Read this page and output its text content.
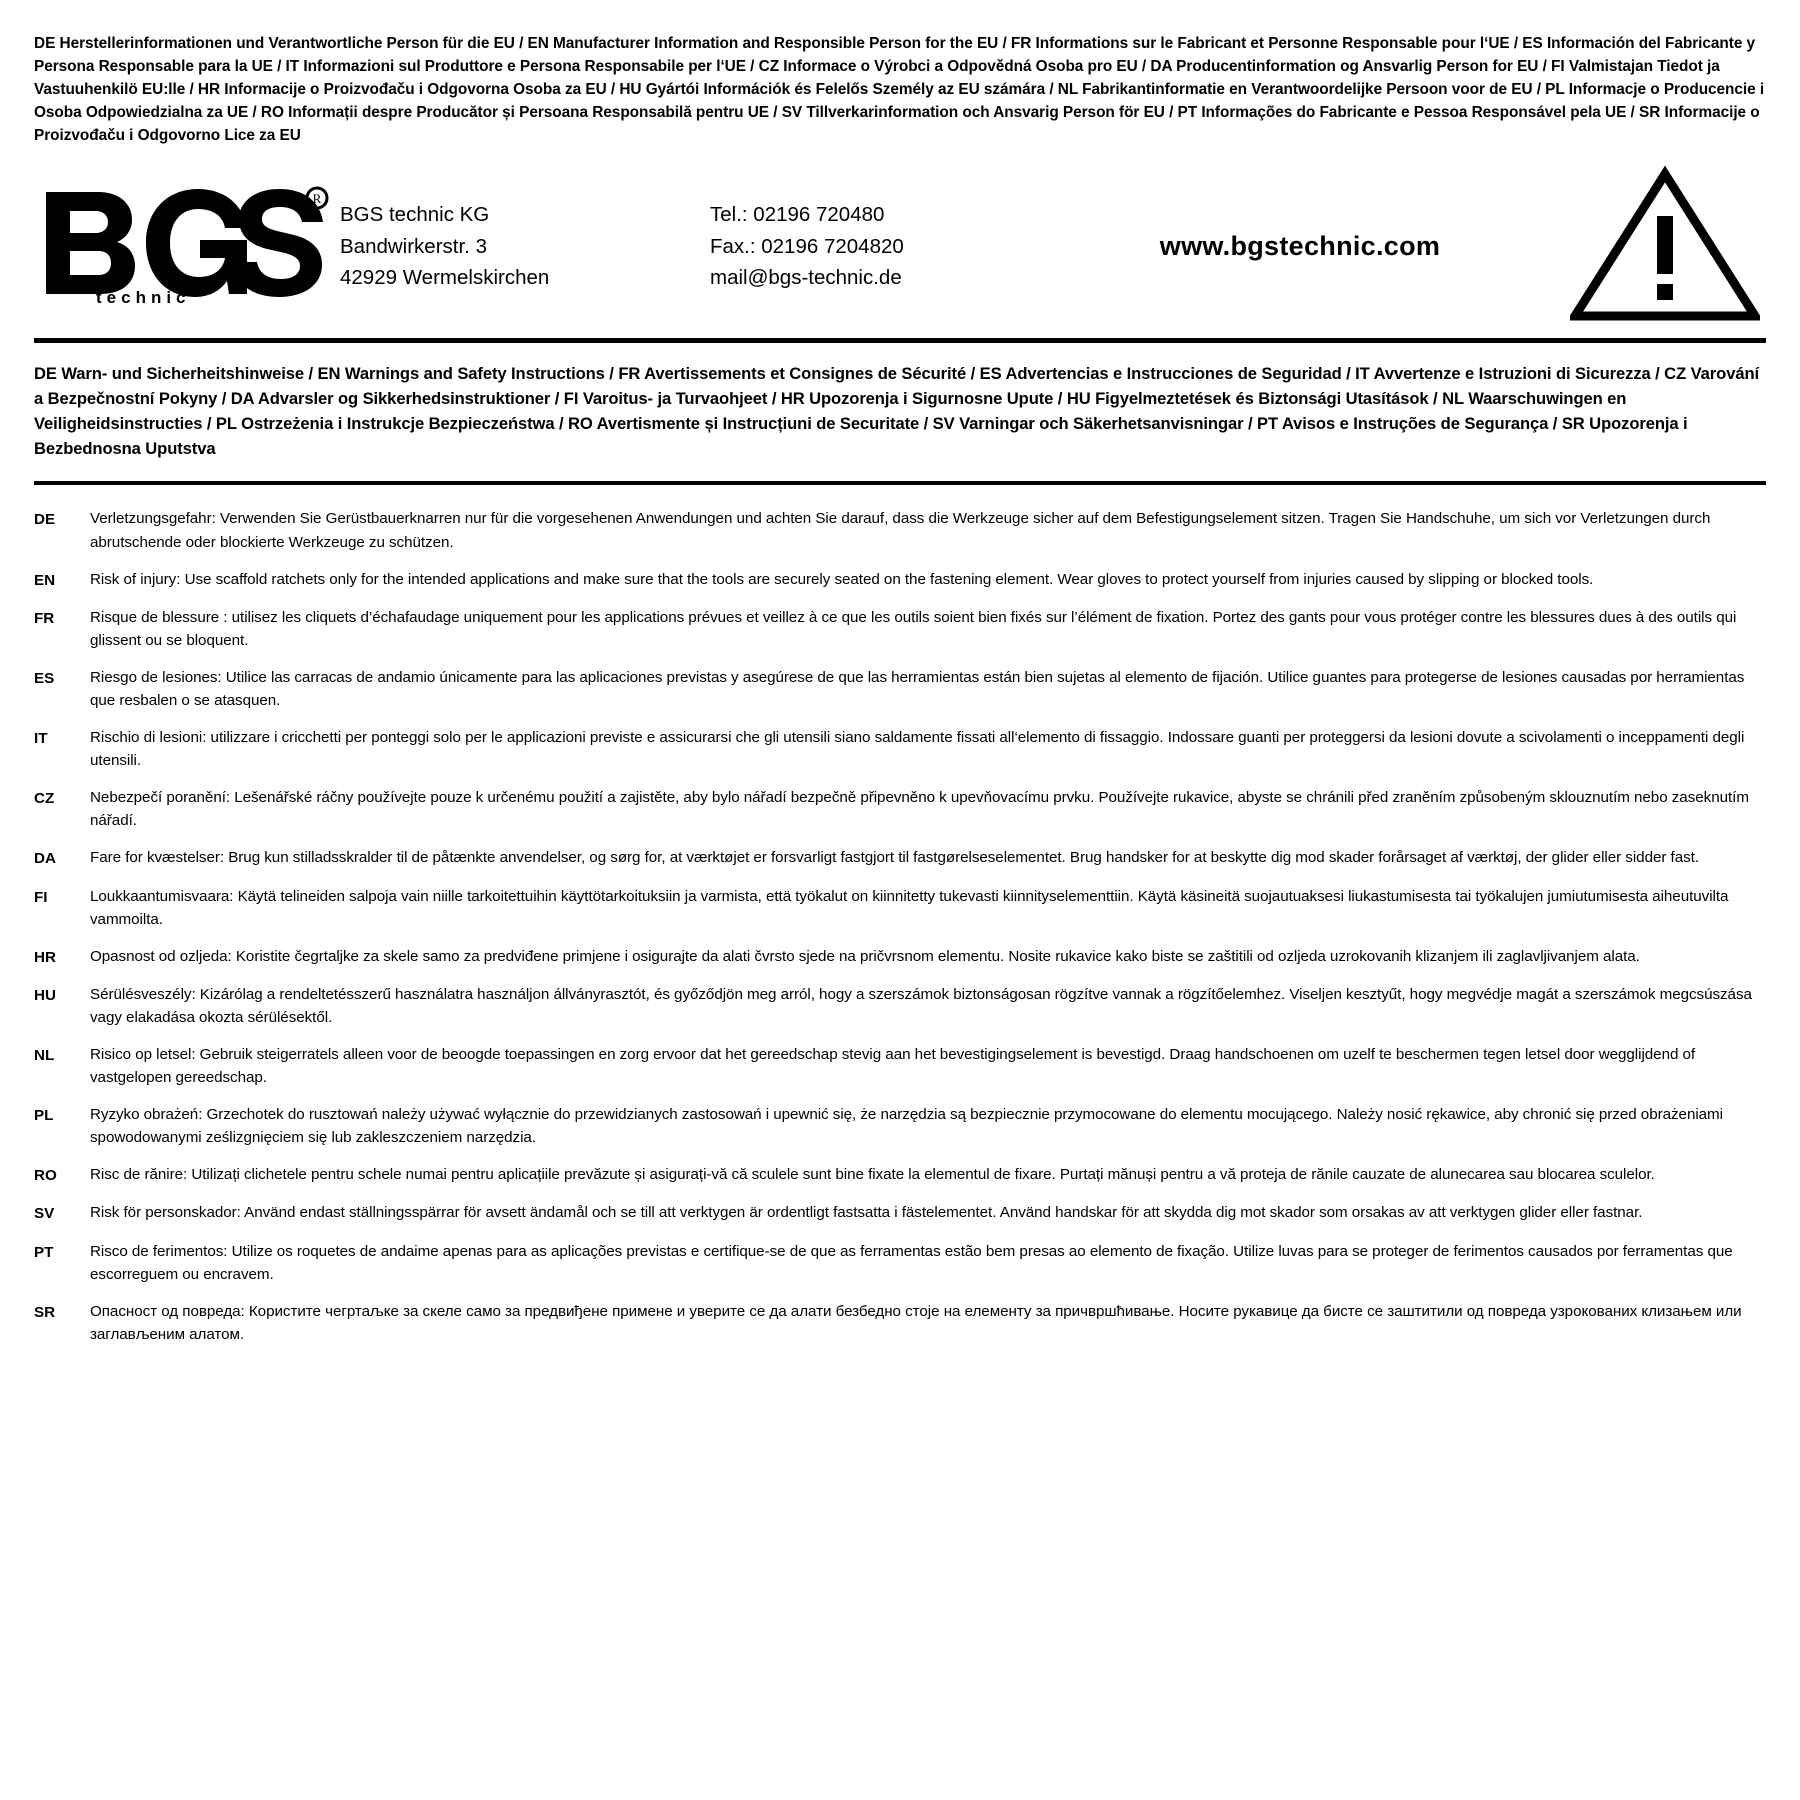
DE Herstellerinformationen und Verantwortliche Person für die EU / EN Manufacturer Information and Responsible Person for the EU / FR Informations sur le Fabricant et Personne Responsable pour l‘UE / ES Información del Fabricante y Persona Responsable para la UE / IT Informazioni sul Produttore e Persona Responsabile per l‘UE / CZ Informace o Výrobci a Odpovědná Osoba pro EU / DA Producentinformation og Ansvarlig Person for EU / FI Valmistajan Tiedot ja Vastuuhenkilö EU:lle / HR Informacije o Proizvođaču i Odgovorna Osoba za EU / HU Gyártói Információk és Felelős Személy az EU számára / NL Fabrikantinformatie en Verantwoordelijke Persoon voor de EU / PL Informacje o Producencie i Osoba Odpowiedzialna za UE / RO Informații despre Producător și Persoana Responsabilă pentru UE / SV Tillverkarinformation och Ansvarig Person för EU / PT Informações do Fabricante e Pessoa Responsável pela UE / SR Informacije o Proizvođaču i Odgovorno Lice za EU
R
technic
BGS technic KG
Bandwirkerstr. 3
42929 Wermelskirchen
Tel.: 02196 720480
Fax.: 02196 7204820
mail@bgs-technic.de
www.bgstechnic.com
DE Warn- und Sicherheitshinweise / EN Warnings and Safety Instructions / FR Avertissements et Consignes de Sécurité / ES Advertencias e Instrucciones de Seguridad / IT Avvertenze e Istruzioni di Sicurezza / CZ Varování a Bezpečnostní Pokyny / DA Advarsler og Sikkerhedsinstruktioner / FI Varoitus- ja Turvaohjeet / HR Upozorenja i Sigurnosne Upute / HU Figyelmeztetések és Biztonsági Utasítások / NL Waarschuwingen en Veiligheidsinstructies / PL Ostrzeżenia i Instrukcje Bezpieczeństwa / RO Avertismente și Instrucțiuni de Securitate / SV Varningar och Säkerhetsanvisningar / PT Avisos e Instruções de Segurança / SR Upozorenja i Bezbednosna Uputstva
DE	Verletzungsgefahr: Verwenden Sie Gerüstbauerknarren nur für die vorgesehenen Anwendungen und achten Sie darauf, dass die Werkzeuge sicher auf dem Befestigungselement sitzen. Tragen Sie Handschuhe, um sich vor Verletzungen durch abrutschende oder blockierte Werkzeuge zu schützen.
EN	Risk of injury: Use scaffold ratchets only for the intended applications and make sure that the tools are securely seated on the fastening element. Wear gloves to protect yourself from injuries caused by slipping or blocked tools.
FR	Risque de blessure : utilisez les cliquets d’échafaudage uniquement pour les applications prévues et veillez à ce que les outils soient bien fixés sur l’élément de fixation. Portez des gants pour vous protéger contre les blessures dues à des outils qui glissent ou se bloquent.
ES	Riesgo de lesiones: Utilice las carracas de andamio únicamente para las aplicaciones previstas y asegúrese de que las herramientas están bien sujetas al elemento de fijación. Utilice guantes para protegerse de lesiones causadas por herramientas que resbalen o se atasquen.
IT	Rischio di lesioni: utilizzare i cricchetti per ponteggi solo per le applicazioni previste e assicurarsi che gli utensili siano saldamente fissati all‘elemento di fissaggio. Indossare guanti per proteggersi da lesioni dovute a scivolamenti o inceppamenti degli utensili.
CZ	Nebezpečí poranění: Lešenářské ráčny používejte pouze k určenému použití a zajistěte, aby bylo nářadí bezpečně připevněno k upevňovacímu prvku. Používejte rukavice, abyste se chránili před zraněním způsobeným sklouznutím nebo zaseknutím nářadí.
DA	Fare for kvæstelser: Brug kun stilladsskralder til de påtænkte anvendelser, og sørg for, at værktøjet er forsvarligt fastgjort til fastgørelseselementet. Brug handsker for at beskytte dig mod skader forårsaget af værktøj, der glider eller sidder fast.
FI	Loukkaantumisvaara: Käytä telineiden salpoja vain niille tarkoitettuihin käyttötarkoituksiin ja varmista, että työkalut on kiinnitetty tukevasti kiinnityselementtiin. Käytä käsineitä suojautuaksesi liukastumisesta tai työkalujen jumiutumisesta aiheutuvilta vammoilta.
HR	Opasnost od ozljeda: Koristite čegrtaljke za skele samo za predviđene primjene i osigurajte da alati čvrsto sjede na pričvrsnom elementu. Nosite rukavice kako biste se zaštitili od ozljeda uzrokovanih klizanjem ili zaglavljivanjem alata.
HU	Sérülésveszély: Kizárólag a rendeltetésszerű használatra használjon állványrasztót, és győződjön meg arról, hogy a szerszámok biztonságosan rögzítve vannak a rögzítőelemhez. Viseljen kesztyűt, hogy megvédje magát a szerszámok megcsúszása vagy elakadása okozta sérülésektől.
NL	Risico op letsel: Gebruik steigerratels alleen voor de beoogde toepassingen en zorg ervoor dat het gereedschap stevig aan het bevestigingselement is bevestigd. Draag handschoenen om uzelf te beschermen tegen letsel door wegglijdend of vastgelopen gereedschap.
PL	Ryzyko obrażeń: Grzechotek do rusztowań należy używać wyłącznie do przewidzianych zastosowań i upewnić się, że narzędzia są bezpiecznie przymocowane do elementu mocującego. Należy nosić rękawice, aby chronić się przed obrażeniami spowodowanymi ześlizgnięciem się lub zakleszczeniem narzędzia.
RO	Risc de rănire: Utilizați clichetele pentru schele numai pentru aplicațiile prevăzute și asigurați-vă că sculele sunt bine fixate la elementul de fixare. Purtați mănuși pentru a vă proteja de rănile cauzate de alunecarea sau blocarea sculelor.
SV	Risk för personskador: Använd endast ställningsspärrar för avsett ändamål och se till att verktygen är ordentligt fastsatta i fästelementet. Använd handskar för att skydda dig mot skador som orsakas av att verktygen glider eller fastnar.
PT	Risco de ferimentos: Utilize os roquetes de andaime apenas para as aplicações previstas e certifique-se de que as ferramentas estão bem presas ao elemento de fixação. Utilize luvas para se proteger de ferimentos causados por ferramentas que escorreguem ou encravem.
SR	Опасност од повреда: Користите чегртаљке за скеле само за предвиђене примене и уверите се да алати безбедно стоје на елементу за причвршћивање. Носите рукавице да бисте се заштитили од повреда узрокованих клизањем или заглављеним алатом.
